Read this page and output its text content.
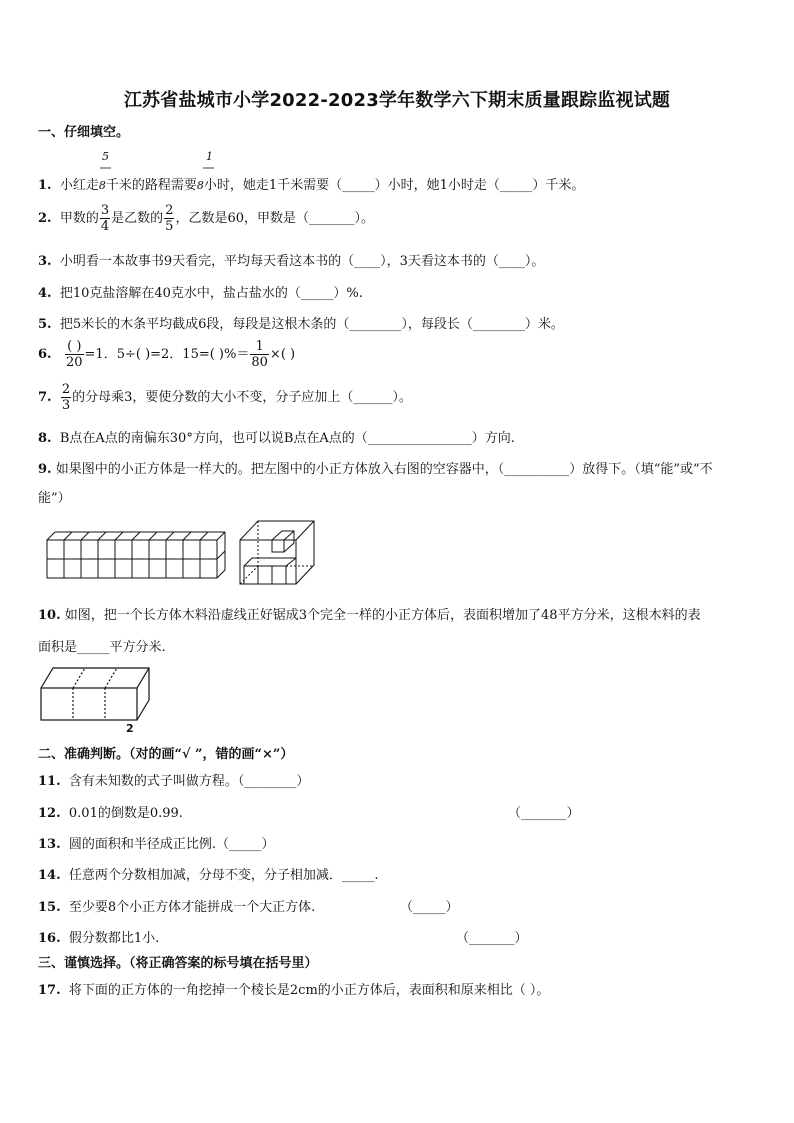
江苏省盐城市小学2022-2023学年数学六下期末质量跟踪监视试题
一、仔细填空。
5	1
1. 小红走8千米的路程需要8小时，她走1千米需要（_____）小时，她1小时走（_____）千米。
2. 甲数的 $\frac{3}{4}$ 是乙数的 $\frac{2}{5}$ ，乙数是60，甲数是（_______）。
3. 小明看一本故事书9天看完，平均每天看这本书的（____），3天看这本书的（____）。
4. 把10克盐溶解在40克水中，盐占盐水的（_____）%.
5. 把5米长的木条平均截成6段，每段是这根木条的（________），每段长（________）米。
6. $\frac{( )}{20} =1$．5÷( )=2．15=( )%＝ $\frac{1}{80}$ ×( )
7. $\frac{2}{3}$ 的分母乘3，要使分数的大小不变，分子应加上（______）。
8. B点在A点的南偏东30°方向，也可以说B点在A点的（________________）方向.
9. 如果图中的小正方体是一样大的。把左图中的小正方体放入右图的空容器中，（__________）放得下。（填“能”或“不
能”）
10. 如图，把一个长方体木料沿虚线正好锯成3个完全一样的小正方体后，表面积增加了48平方分米，这根木料的表
面积是_____平方分米.
2
二、准确判断。（对的画“√ ”，错的画“×”）
11. 含有未知数的式子叫做方程。（________）
12. 0.01的倒数是0.99.	（_______）
13. 圆的面积和半径成正比例.（_____）
14. 任意两个分数相加减，分母不变，分子相加减．_____.
15. 至少要8个小正方体才能拼成一个大正方体.	（_____）
16. 假分数都比1小.	（_______）
三、谨慎选择。（将正确答案的标号填在括号里）
17. 将下面的正方体的一角挖掉一个棱长是2cm的小正方体后，表面积和原来相比（ ）。
